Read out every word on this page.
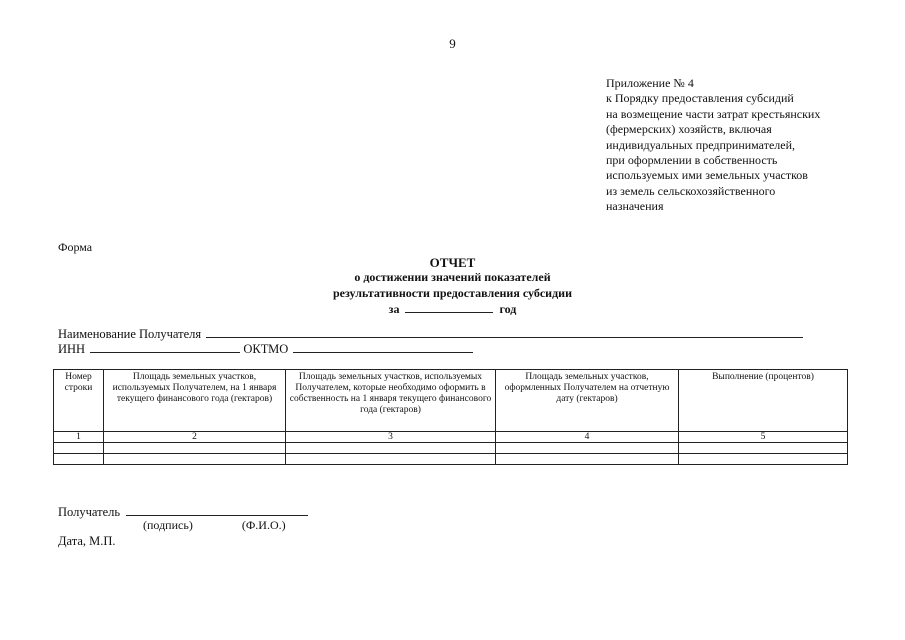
9
Приложение № 4
к Порядку предоставления субсидий
на возмещение части затрат крестьянских
(фермерских) хозяйств, включая
индивидуальных предпринимателей,
при оформлении в собственность
используемых ими земельных участков
из земель сельскохозяйственного
назначения
Форма
ОТЧЕТ
о достижении значений показателей
результативности предоставления субсидии
за	год
Наименование Получателя
ИНН	ОКТМО
Номер строки	Площадь земельных участков, используемых Получателем, на 1 января текущего финансового года (гектаров)	Площадь земельных участков, используемых Получателем, которые необходимо оформить в собственность на 1 января текущего финансового года (гектаров)	Площадь земельных участков, оформленных Получателем на отчетную дату (гектаров)	Выполнение (процентов)
1	2	3	4	5

Получатель
(подпись)	(Ф.И.О.)
Дата, М.П.
